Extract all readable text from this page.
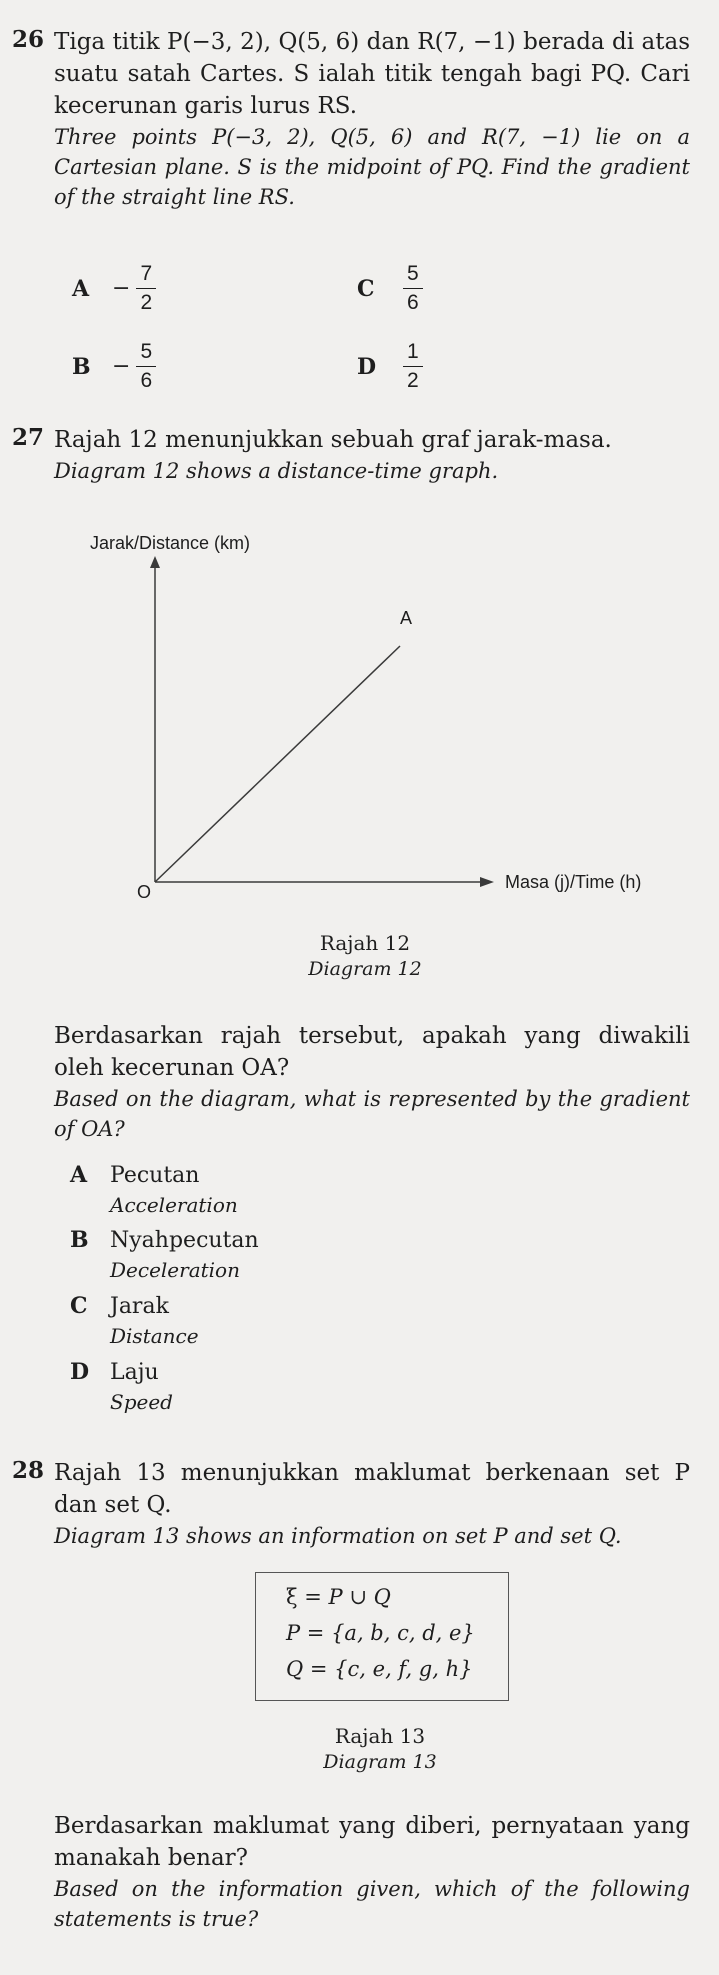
26 Tiga titik P(−3, 2), Q(5, 6) dan R(7, −1) berada di atas suatu satah Cartes. S ialah titik tengah bagi PQ. Cari kecerunan garis lurus RS.
Three points P(−3, 2), Q(5, 6) and R(7, −1) lie on a Cartesian plane. S is the midpoint of PQ. Find the gradient of the straight line RS.
A	− $\frac{7}{2}$
$B - \frac{5}{6}$
C	$\frac{5}{6}$
D	$\frac{1}{2}$
27 Rajah 12 menunjukkan sebuah graf jarak-masa.
Diagram 12 shows a distance-time graph.
Jarak/Distance (km)
Masa (j)/Time (h)
O
A
Rajah 12
Diagram 12
Berdasarkan rajah tersebut, apakah yang diwakili oleh kecerunan OA?
Based on the diagram, what is represented by the gradient of OA?
A Pecutan
Acceleration
B Nyahpecutan
Deceleration
C Jarak
Distance
D Laju
Speed
28 Rajah 13 menunjukkan maklumat berkenaan set P dan set Q.
Diagram 13 shows an information on set P and set Q.
ξ = P ∪ Q
P = {a, b, c, d, e}
Q = {c, e, f, g, h}
Rajah 13
Diagram 13
Berdasarkan maklumat yang diberi, pernyataan yang manakah benar?
Based on the information given, which of the following statements is true?
